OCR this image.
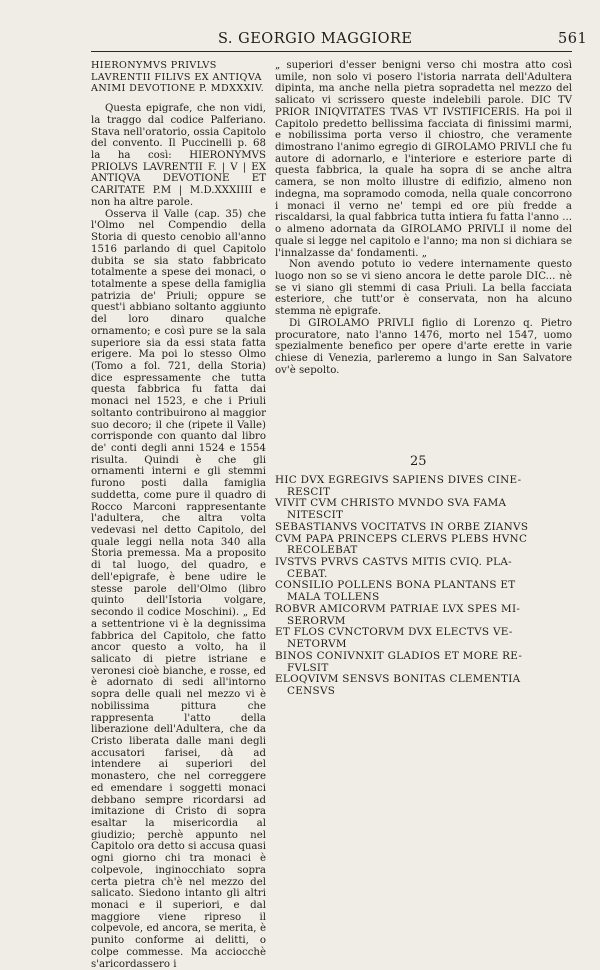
S. GEORGIO MAGGIORE	561

HIERONYMVS PRIVLVS LAVRENTII FILIVS EX ANTIQVA ANIMI DEVOTIONE P. MDXXXIV.

Questa epigrafe, che non vidi, la traggo dal codice Palferiano. Stava nell'oratorio, ossia Capitolo del convento. Il Puccinelli p. 68 la ha così: HIERONYMVS PRIOLVS LAVRENTII F. | V | EX ANTIQVA DEVOTIONE ET CARITATE P.M | M.D.XXXIIII e non ha altre parole.

Osserva il Valle (cap. 35) che l'Olmo nel Compendio della Storia di questo cenobio all'anno 1516 parlando di quel Capitolo dubita se sia stato fabbricato totalmente a spese dei monaci, o totalmente a spese della famiglia patrizia de' Priuli; oppure se quest'i abbiano soltanto aggiunto del loro dinaro qualche ornamento; e così pure se la sala superiore sia da essi stata fatta erigere. Ma poi lo stesso Olmo (Tomo a fol. 721, della Storia) dice espressamente che tutta questa fabbrica fu fatta dai monaci nel 1523, e che i Priuli soltanto contribuirono al maggior suo decoro; il che (ripete il Valle) corrisponde con quanto dal libro de' conti degli anni 1524 e 1554 risulta. Quindi è che gli ornamenti interni e gli stemmi furono posti dalla famiglia suddetta, come pure il quadro di Rocco Marconi rappresentante l'adultera, che altra volta vedevasi nel detto Capitolo, del quale leggi nella nota 340 alla Storia premessa. Ma a proposito di tal luogo, del quadro, e dell'epigrafe, è bene udire le stesse parole dell'Olmo (libro quinto dell'Istoria volgare, secondo il codice Moschini). „ Ed a settentrione vi è la degnissima fabbrica del Capitolo, che fatto ancor questo a volto, ha il salicato di pietre istriane e veronesi cioè bianche, e rosse, ed è adornato di sedi all'intorno sopra delle quali nel mezzo vi è nobilissima pittura che rappresenta l'atto della liberazione dell'Adultera, che da Cristo liberata dalle mani degli accusatori farisei, dà ad intendere ai superiori del monastero, che nel correggere ed emendare i soggetti monaci debbano sempre ricordarsi ad imitazione di Cristo di sopra esaltar la misericordia al giudizio; perchè appunto nel Capitolo ora detto si accusa quasi ogni giorno chi tra monaci è colpevole, inginocchiato sopra certa pietra ch'è nel mezzo del salicato. Siedono intanto gli altri monaci e il superiori, e dal maggiore viene ripreso il colpevole, ed ancora, se merita, è punito conforme ai delitti, o colpe commesse. Ma acciocchè s'aricordassero i

„ superiori d'esser benigni verso chi mostra atto così umile, non solo vi posero l'istoria narrata dell'Adultera dipinta, ma anche nella pietra sopradetta nel mezzo del salicato vi scrissero queste indelebili parole. DIC TV PRIOR INIQVITATES TVAS VT IVSTIFICERIS. Ha poi il Capitolo predetto bellissima facciata di finissimi marmi, e nobilissima porta verso il chiostro, che veramente dimostrano l'animo egregio di GIROLAMO PRIVLI che fu autore di adornarlo, e l'interiore e esteriore parte di questa fabbrica, la quale ha sopra di se anche altra camera, se non molto illustre di edifizio, almeno non indegna, ma sopramodo comoda, nella quale concorrono i monaci il verno ne' tempi ed ore più fredde a riscaldarsi, la qual fabbrica tutta intiera fu fatta l'anno ... o almeno adornata da GIROLAMO PRIVLI il nome del quale si legge nel capitolo e l'anno; ma non si dichiara se l'innalzasse da' fondamenti. „

Non avendo potuto io vedere internamente questo luogo non so se vi sieno ancora le dette parole DIC... nè se vi siano gli stemmi di casa Priuli. La bella facciata esteriore, che tutt'or è conservata, non ha alcuno stemma nè epigrafe.

Di GIROLAMO PRIVLI figlio di Lorenzo q. Pietro procuratore, nato l'anno 1476, morto nel 1547, uomo spezialmente benefico per opere d'arte erette in varie chiese di Venezia, parleremo a lungo in San Salvatore ov'è sepolto.

25
HIC DVX EGREGIVS SAPIENS DIVES CINE-
RESCIT
VIVIT CVM CHRISTO MVNDO SVA FAMA
NITESCIT
SEBASTIANVS VOCITATVS IN ORBE ZIANVS
CVM PAPA PRINCEPS CLERVS PLEBS HVNC
RECOLEBAT
IVSTVS PVRVS CASTVS MITIS CVIQ. PLA-
CEBAT.
CONSILIO POLLENS BONA PLANTANS ET
MALA TOLLENS
ROBVR AMICORVM PATRIAE LVX SPES MI-
SERORVM
ET FLOS CVNCTORVM DVX ELECTVS VE-
NETORVM
BINOS CONIVNXIT GLADIOS ET MORE RE-
FVLSIT
ELOQVIVM SENSVS BONITAS CLEMENTIA
CENSVS
